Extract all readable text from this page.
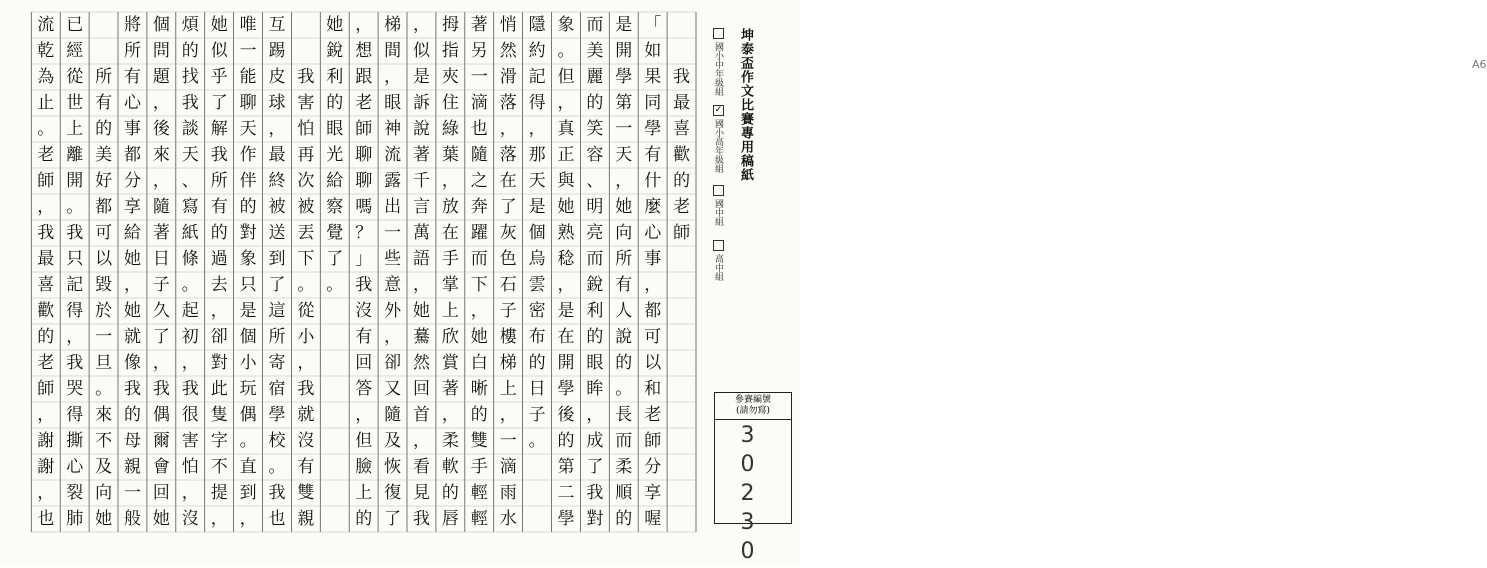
我
最
喜
歡
的
老
師
「
如
果
同
學
有
什
麼
心
事
，
都
可
以
和
老
師
分
享
喔
是
開
學
第
一
天
，
她
向
所
有
人
說
的
。
長
而
柔
順
的
而
美
麗
的
笑
容
、
明
亮
而
銳
利
的
眼
眸
，
成
了
我
對
象
。
但
，
真
正
與
她
熟
稔
，
是
在
開
學
後
的
第
二
學
隱
約
記
得
，
那
天
是
個
烏
雲
密
布
的
日
子
。
悄
然
滑
落
，
落
在
了
灰
色
石
子
樓
梯
上
，
一
滴
雨
水
著
另
一
滴
也
隨
之
奔
躍
而
下
，
她
白
晰
的
雙
手
輕
輕
拇
指
夾
住
綠
葉
，
放
在
手
掌
上
欣
賞
著
，
柔
軟
的
唇
，
似
是
訴
說
著
千
言
萬
語
，
她
驀
然
回
首
，
看
見
我
梯
間
，
眼
神
流
露
出
一
些
意
外
，
卻
又
隨
及
恢
復
了
，
想
跟
老
師
聊
聊
嗎
？
」
我
沒
有
回
答
，
但
臉
上
的
她
銳
利
的
眼
光
給
察
覺
了
。

我
害
怕
再
次
被
丟
下
。
從
小
，
我
就
沒
有
雙
親
互
踢
皮
球
，
最
終
被
送
到
了
這
所
寄
宿
學
校
。
我
也
唯
一
能
聊
天
作
伴
的
對
象
只
是
個
小
玩
偶
。
直
到
，
她
似
乎
了
解
我
所
有
的
過
去
，
卻
對
此
隻
字
不
提
，
煩
的
找
我
談
天
、
寫
紙
條
。
起
初
，
我
很
害
怕
，
沒
個
問
題
，
後
來
，
隨
著
日
子
久
了
，
我
偶
爾
會
回
她
將
所
有
心
事
都
分
享
給
她
，
她
就
像
我
的
母
親
一
般

所
有
的
美
好
都
可
以
毀
於
一
旦
。
來
不
及
向
她
已
經
從
世
上
離
開
。
我
只
記
得
，
我
哭
得
撕
心
裂
肺
流
乾
為
止
。
老
師
，
我
最
喜
歡
的
老
師
，
謝
謝
，
也
坤泰盃作文比賽專用稿紙	A6
國小中年級組
✓
國小高年級組
國中組
高中組
參賽編號
(請勿寫)
30230
